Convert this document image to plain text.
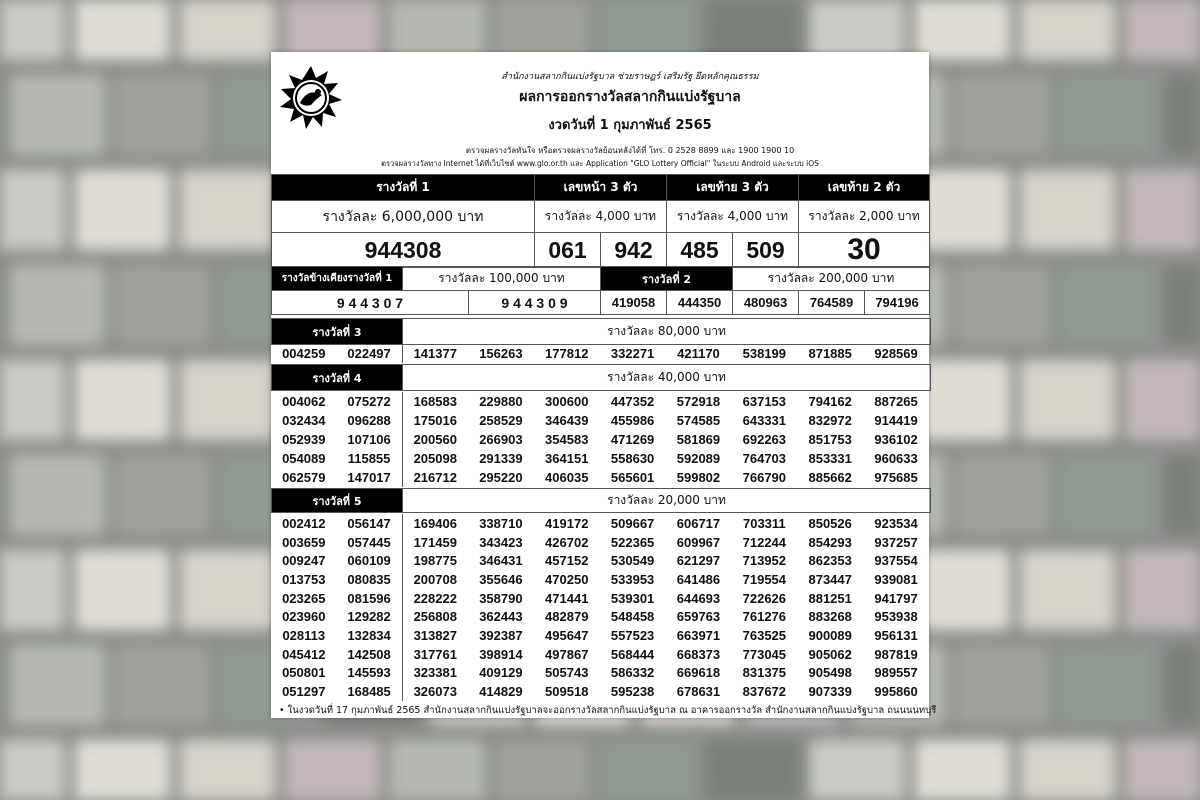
สำนักงานสลากกินแบ่งรัฐบาล ช่วยราษฎร์ เสริมรัฐ ยึดหลักคุณธรรม
ผลการออกรางวัลสลากกินแบ่งรัฐบาล
งวดวันที่ 1 กุมภาพันธ์ 2565
ตรวจผลรางวัลทันใจ หรือตรวจผลรางวัลย้อนหลังได้ที่ โทร. 0 2528 8899 และ 1900 1900 10
ตรวจผลรางวัลทาง Internet ได้ที่เว็บไซต์ www.glo.or.th และ Application "GLO Lottery Official" ในระบบ Android และระบบ iOS
รางวัลที่ 1	เลขหน้า 3 ตัว		เลขท้าย 3 ตัว		เลขท้าย 2 ตัว
รางวัลละ 6,000,000 บาท	รางวัลละ 4,000 บาท		รางวัลละ 4,000 บาท		รางวัลละ 2,000 บาท
944308	061	942	485	509	30
รางวัลข้างเคียงรางวัลที่ 1	รางวัลละ 100,000 บาท		รางวัลที่ 2		รางวัลละ 200,000 บาท		
9 4 4 3 0 7		9 4 4 3 0 9	419058	444350	480963	764589	794196
รางวัลที่ 3	รางวัลละ 80,000 บาท
004259	022497	141377	156263	177812	332271	421170	538199	871885	928569
รางวัลที่ 4	รางวัลละ 40,000 บาท
004062	075272	168583	229880	300600	447352	572918	637153	794162	887265
032434	096288	175016	258529	346439	455986	574585	643331	832972	914419
052939	107106	200560	266903	354583	471269	581869	692263	851753	936102
054089	115855	205098	291339	364151	558630	592089	764703	853331	960633
062579	147017	216712	295220	406035	565601	599802	766790	885662	975685
รางวัลที่ 5	รางวัลละ 20,000 บาท
002412	056147	169406	338710	419172	509667	606717	703311	850526	923534
003659	057445	171459	343423	426702	522365	609967	712244	854293	937257
009247	060109	198775	346431	457152	530549	621297	713952	862353	937554
013753	080835	200708	355646	470250	533953	641486	719554	873447	939081
023265	081596	228222	358790	471441	539301	644693	722626	881251	941797
023960	129282	256808	362443	482879	548458	659763	761276	883268	953938
028113	132834	313827	392387	495647	557523	663971	763525	900089	956131
045412	142508	317761	398914	497867	568444	668373	773045	905062	987819
050801	145593	323381	409129	505743	586332	669618	831375	905498	989557
051297	168485	326073	414829	509518	595238	678631	837672	907339	995860
• ในงวดวันที่ 17 กุมภาพันธ์ 2565 สำนักงานสลากกินแบ่งรัฐบาลจะออกรางวัลสลากกินแบ่งรัฐบาล ณ อาคารออกรางวัล สำนักงานสลากกินแบ่งรัฐบาล ถนนนนทบุรี
